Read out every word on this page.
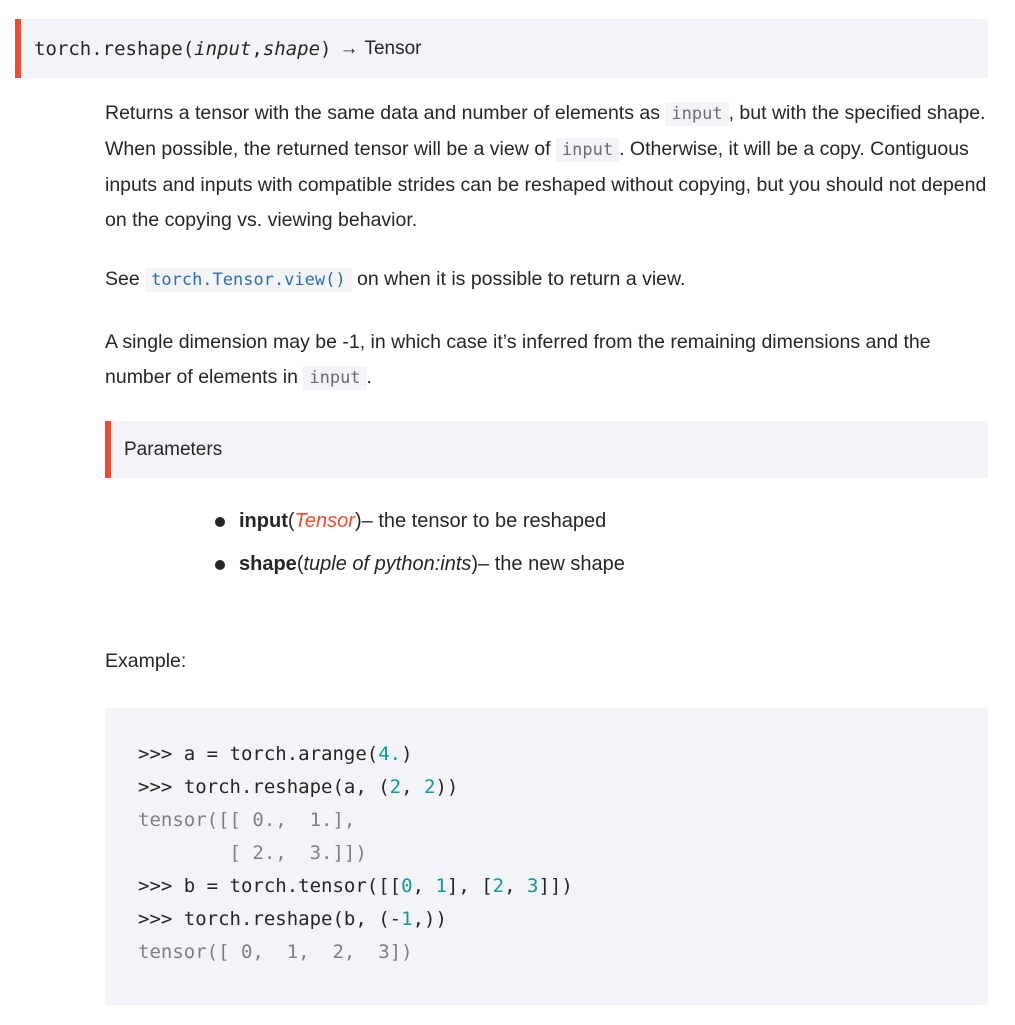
torch.reshape ( input , shape ) → Tensor

Returns a tensor with the same data and number of elements as input , but with the specified shape. When possible, the returned tensor will be a view of input . Otherwise, it will be a copy. Contiguous inputs and inputs with compatible strides can be reshaped without copying, but you should not depend on the copying vs. viewing behavior.

See torch.Tensor.view() on when it is possible to return a view.

A single dimension may be -1, in which case it’s inferred from the remaining dimensions and the number of elements in input .

Parameters
input ( Tensor ) – the tensor to be reshaped
shape ( tuple of python:ints ) – the new shape
Example:
>>> a = torch.arange(4.)
>>> torch.reshape(a, (2, 2))
tensor([[ 0.,  1.],
[ 2.,  3.]])
>>> b = torch.tensor([[0, 1], [2, 3]])
>>> torch.reshape(b, (-1,))
tensor([ 0,  1,  2,  3])
